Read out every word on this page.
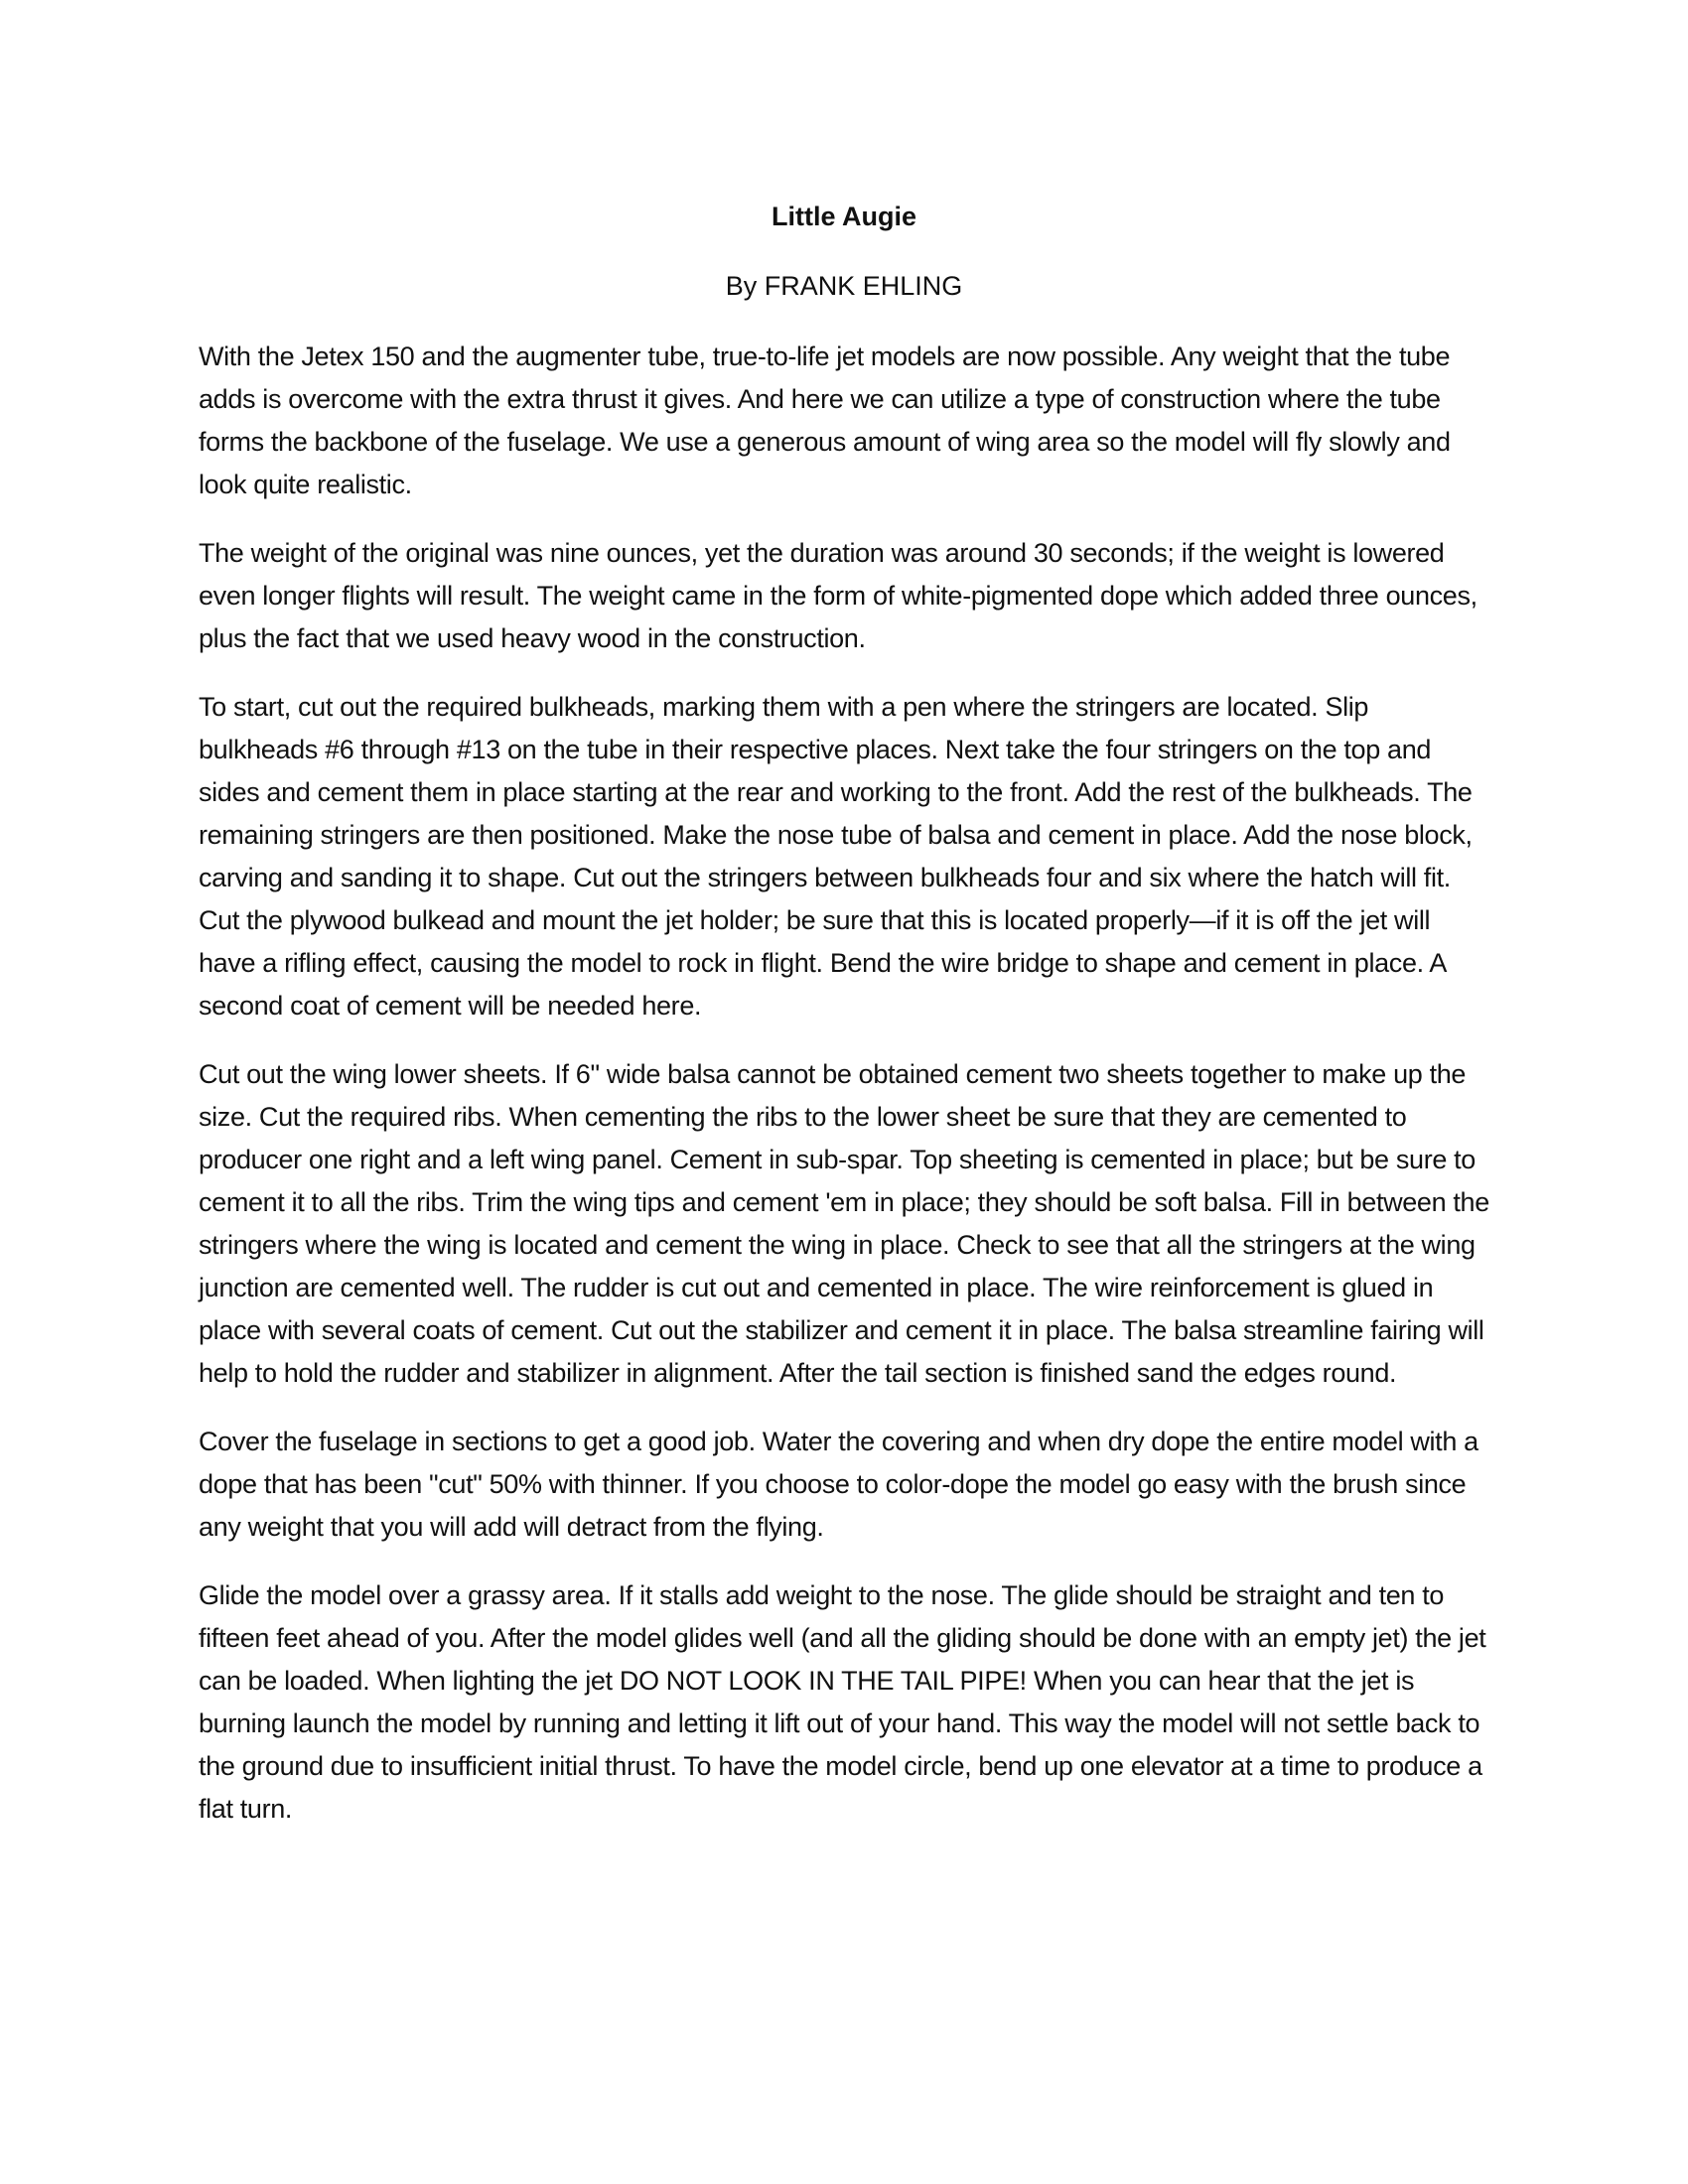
Little Augie
By FRANK EHLING

With the Jetex 150 and the augmenter tube, true-to-life jet models are now possible. Any weight that the tube adds is overcome with the extra thrust it gives. And here we can utilize a type of construction where the tube forms the backbone of the fuselage. We use a generous amount of wing area so the model will fly slowly and look quite realistic.

The weight of the original was nine ounces, yet the duration was around 30 seconds; if the weight is lowered even longer flights will result. The weight came in the form of white-pigmented dope which added three ounces, plus the fact that we used heavy wood in the construction.

To start, cut out the required bulkheads, marking them with a pen where the stringers are located. Slip bulkheads #6 through #13 on the tube in their respective places. Next take the four stringers on the top and sides and cement them in place starting at the rear and working to the front. Add the rest of the bulkheads. The remaining stringers are then positioned. Make the nose tube of balsa and cement in place. Add the nose block, carving and sanding it to shape. Cut out the stringers between bulkheads four and six where the hatch will fit. Cut the plywood bulkead and mount the jet holder; be sure that this is located properly—if it is off the jet will have a rifling effect, causing the model to rock in flight. Bend the wire bridge to shape and cement in place. A second coat of cement will be needed here.

Cut out the wing lower sheets. If 6" wide balsa cannot be obtained cement two sheets together to make up the size. Cut the required ribs. When cementing the ribs to the lower sheet be sure that they are cemented to producer one right and a left wing panel. Cement in sub-spar. Top sheeting is cemented in place; but be sure to cement it to all the ribs. Trim the wing tips and cement 'em in place; they should be soft balsa. Fill in between the stringers where the wing is located and cement the wing in place. Check to see that all the stringers at the wing junction are cemented well. The rudder is cut out and cemented in place. The wire reinforcement is glued in place with several coats of cement. Cut out the stabilizer and cement it in place. The balsa streamline fairing will help to hold the rudder and stabilizer in alignment. After the tail section is finished sand the edges round.

Cover the fuselage in sections to get a good job. Water the covering and when dry dope the entire model with a dope that has been "cut" 50% with thinner. If you choose to color-dope the model go easy with the brush since any weight that you will add will detract from the flying.

Glide the model over a grassy area. If it stalls add weight to the nose. The glide should be straight and ten to fifteen feet ahead of you. After the model glides well (and all the gliding should be done with an empty jet) the jet can be loaded. When lighting the jet DO NOT LOOK IN THE TAIL PIPE! When you can hear that the jet is burning launch the model by running and letting it lift out of your hand. This way the model will not settle back to the ground due to insufficient initial thrust. To have the model circle, bend up one elevator at a time to produce a flat turn.
